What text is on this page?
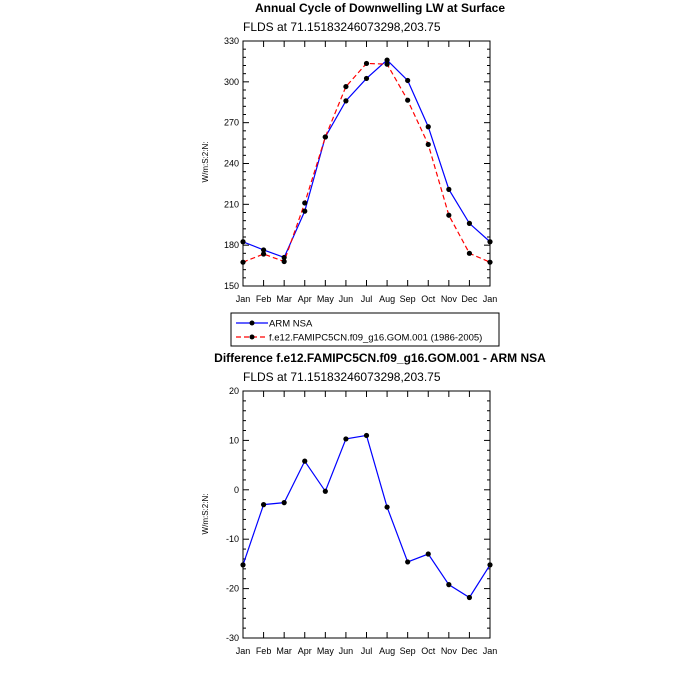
Annual Cycle of Downwelling LW at Surface
FLDS at 71.15183246073298,203.75
W/m:S:2:N:
150
180
210
240
270
300
330
Jan Feb Mar Apr May Jun Jul Aug Sep Oct Nov Dec Jan
ARM NSA
f.e12.FAMIPC5CN.f09_g16.GOM.001 (1986-2005)
Difference f.e12.FAMIPC5CN.f09_g16.GOM.001 - ARM NSA
FLDS at 71.15183246073298,203.75
W/m:S:2:N:
-30
-20
-10
0
10
20
Jan Feb Mar Apr May Jun Jul Aug Sep Oct Nov Dec Jan
